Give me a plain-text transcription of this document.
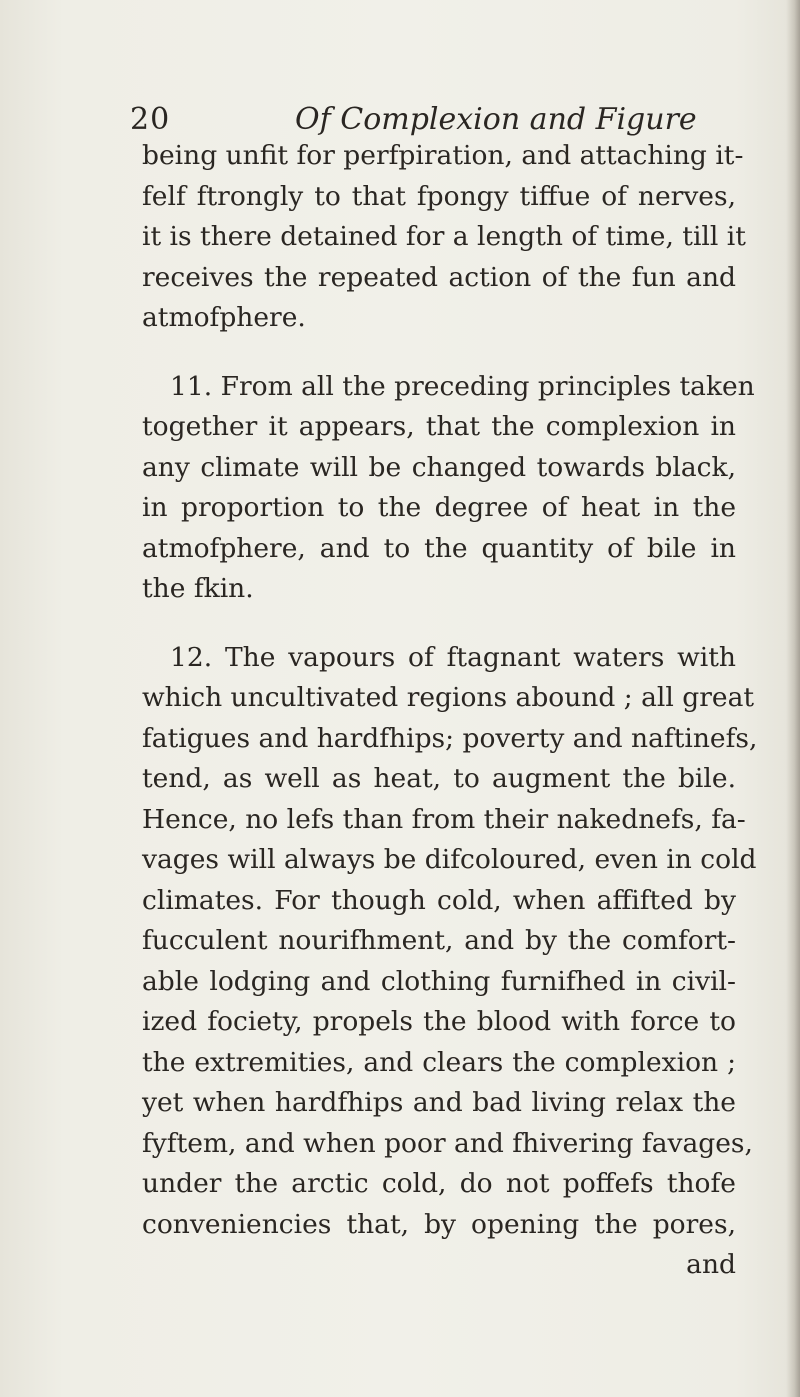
20	Of Complexion and Figure
being unfit for perfpiration, and attaching it-
felf ftrongly to that fpongy tiffue of nerves,
it is there detained for a length of time, till it
receives the repeated action of the fun and
atmofphere.
11. From all the preceding principles taken
together it appears, that the complexion in
any climate will be changed towards black,
in proportion to the degree of heat in the
atmofphere, and to the quantity of bile in
the fkin.
12. The vapours of ftagnant waters with
which uncultivated regions abound ; all great
fatigues and hardfhips; poverty and naftinefs,
tend, as well as heat, to augment the bile.
Hence, no lefs than from their nakednefs, fa-
vages will always be difcoloured, even in cold
climates. For though cold, when affifted by
fucculent nourifhment, and by the comfort-
able lodging and clothing furnifhed in civil-
ized fociety, propels the blood with force to
the extremities, and clears the complexion ;
yet when hardfhips and bad living relax the
fyftem, and when poor and fhivering favages,
under the arctic cold, do not poffefs thofe
conveniencies that, by opening the pores,
and
